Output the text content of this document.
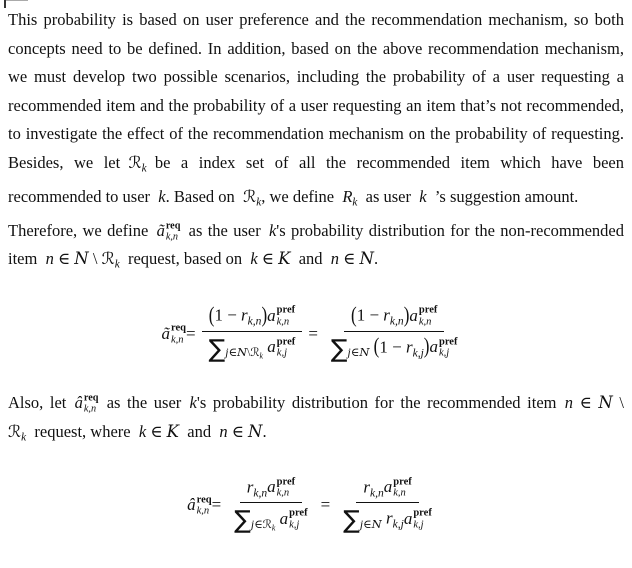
This probability is based on user preference and the recommendation mechanism, so both concepts need to be defined. In addition, based on the above recommendation mechanism, we must develop two possible scenarios, including the probability of a user requesting a recommended item and the probability of a user requesting an item that’s not recommended, to investigate the effect of the recommendation mechanism on the probability of requesting. Besides, we let ℛ$_k$ be a index set of all the recommended item which have been recommended to user k. Based on ℛ$_k$, we define $R_k$ as user k ’s suggestion amount.

Therefore, we define  ã req
k,n  as the user k's probability distribution for the non-recommended item n ∈ N \ ℛ$_k$ request, based on k ∈ K and n ∈ N.

ã req
k,n =
$(1 - r_{k,n})$ a pref
k,n
$\sum_{j\in N\backslash ℛ_k}$ a pref
k,j
=
$(1 - r_{k,n})$ a pref
k,n
$\sum_{j\in N}$ $(1 - r_{k,j})$ a pref
k,j

Also, let  â req
k,n  as the user k's probability distribution for the recommended item n ∈ N \ ℛ$_k$ request, where k ∈ K and n ∈ N.

â req
k,n =
$r_{k,n}$ a pref
k,n
$\sum_{j\in ℛ_k}$ a pref
k,j
=
$r_{k,n}$ a pref
k,n
$\sum_{j\in N}$ $r_{k,j}$ a pref
k,j
